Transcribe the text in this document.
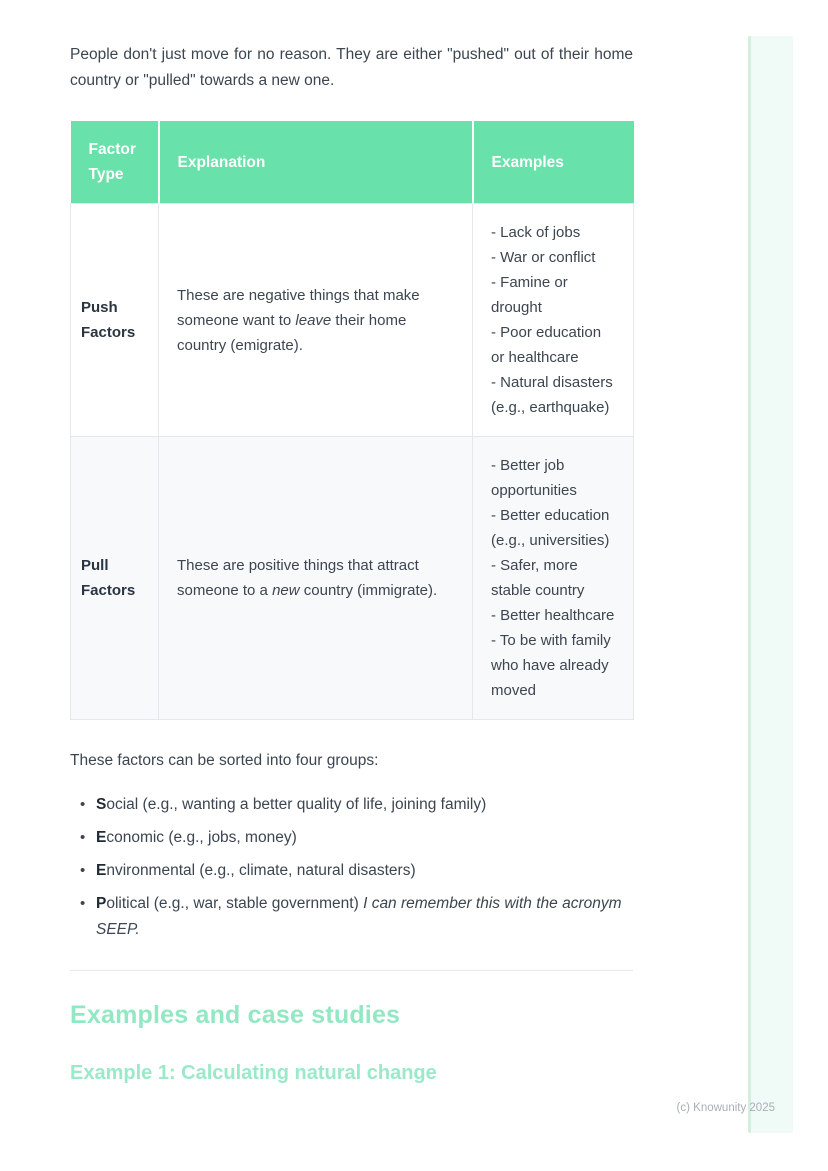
People don't just move for no reason. They are either "pushed" out of their home country or "pulled" towards a new one.

Factor Type	Explanation	Examples
Push Factors	These are negative things that make someone want to leave their home country (emigrate).	- Lack of jobs
- War or conflict
- Famine or drought
- Poor education or healthcare
- Natural disasters (e.g., earthquake)

Pull Factors	These are positive things that attract someone to a new country (immigrate).	- Better job opportunities
- Better education (e.g., universities)
- Safer, more stable country
- Better healthcare
- To be with family who have already moved

These factors can be sorted into four groups:

• Social (e.g., wanting a better quality of life, joining family)
• Economic (e.g., jobs, money)
• Environmental (e.g., climate, natural disasters)
• Political (e.g., war, stable government) I can remember this with the acronym SEEP.
Examples and case studies
Example 1: Calculating natural change
(c) Knowunity 2025
